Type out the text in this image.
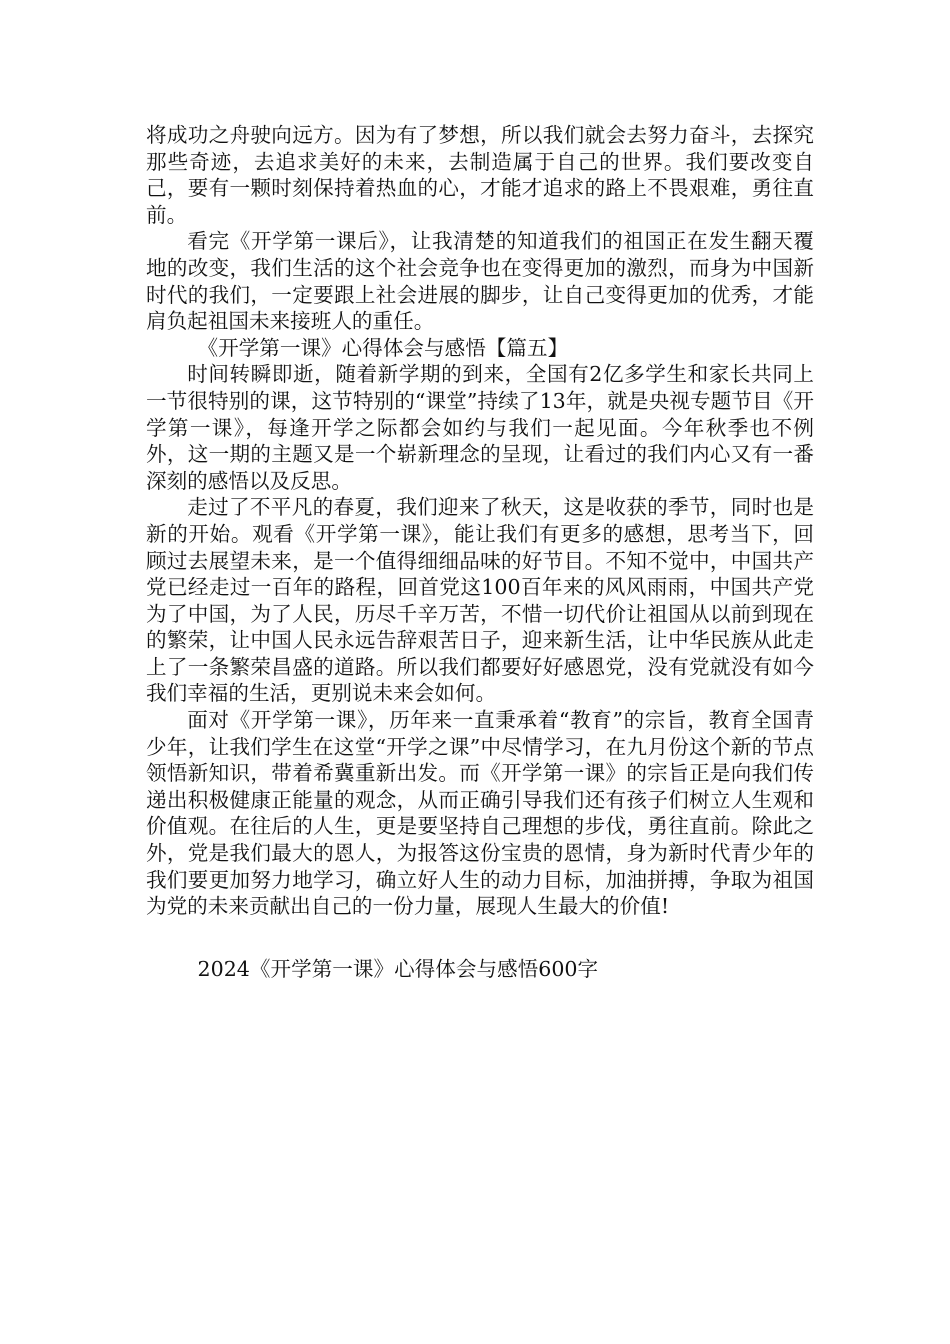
将成功之舟驶向远方。因为有了梦想，所以我们就会去努力奋斗，去探究那些奇迹，去追求美好的未来，去制造属于自己的世界。我们要改变自己，要有一颗时刻保持着热血的心，才能才追求的路上不畏艰难，勇往直前。

看完《开学第一课后》，让我清楚的知道我们的祖国正在发生翻天覆地的改变，我们生活的这个社会竞争也在变得更加的激烈，而身为中国新时代的我们，一定要跟上社会进展的脚步，让自己变得更加的优秀，才能肩负起祖国未来接班人的重任。

《开学第一课》心得体会与感悟【篇五】

时间转瞬即逝，随着新学期的到来，全国有2亿多学生和家长共同上一节很特别的课，这节特别的“课堂”持续了13年，就是央视专题节目《开学第一课》，每逢开学之际都会如约与我们一起见面。今年秋季也不例外，这一期的主题又是一个崭新理念的呈现，让看过的我们内心又有一番深刻的感悟以及反思。

走过了不平凡的春夏，我们迎来了秋天，这是收获的季节，同时也是新的开始。观看《开学第一课》，能让我们有更多的感想，思考当下，回顾过去展望未来，是一个值得细细品味的好节目。不知不觉中，中国共产党已经走过一百年的路程，回首党这100百年来的风风雨雨，中国共产党为了中国，为了人民，历尽千辛万苦，不惜一切代价让祖国从以前到现在的繁荣，让中国人民永远告辞艰苦日子，迎来新生活，让中华民族从此走上了一条繁荣昌盛的道路。所以我们都要好好感恩党，没有党就没有如今我们幸福的生活，更别说未来会如何。

面对《开学第一课》，历年来一直秉承着“教育”的宗旨，教育全国青少年，让我们学生在这堂“开学之课”中尽情学习，在九月份这个新的节点领悟新知识，带着希冀重新出发。而《开学第一课》的宗旨正是向我们传递出积极健康正能量的观念，从而正确引导我们还有孩子们树立人生观和价值观。在往后的人生，更是要坚持自己理想的步伐，勇往直前。除此之外，党是我们最大的恩人，为报答这份宝贵的恩情，身为新时代青少年的我们要更加努力地学习，确立好人生的动力目标，加油拼搏，争取为祖国为党的未来贡献出自己的一份力量，展现人生最大的价值!

2024《开学第一课》心得体会与感悟600字
